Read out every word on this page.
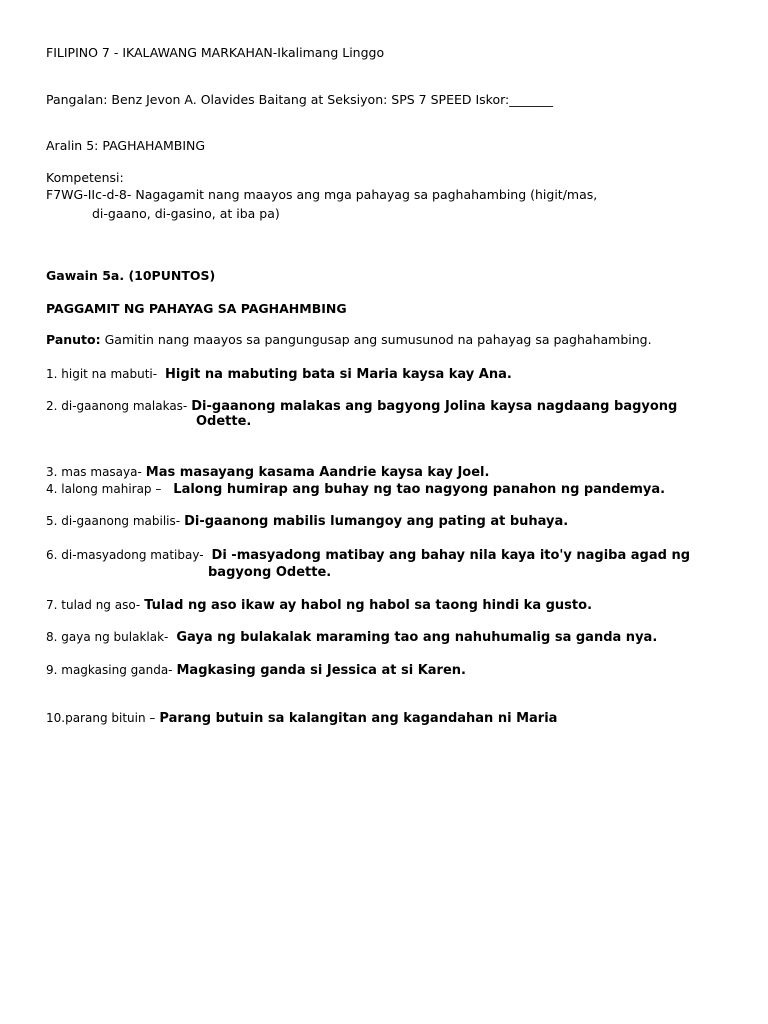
FILIPINO 7 - IKALAWANG MARKAHAN-Ikalimang Linggo
Pangalan: Benz Jevon A. Olavides Baitang at Seksiyon: SPS 7 SPEED Iskor:_______
Aralin 5: PAGHAHAMBING
Kompetensi:
F7WG-IIc-d-8- Nagagamit nang maayos ang mga pahayag sa paghahambing (higit/mas,
di-gaano, di-gasino, at iba pa)
Gawain 5a. (10PUNTOS)
PAGGAMIT NG PAHAYAG SA PAGHAHMBING
Panuto: Gamitin nang maayos sa pangungusap ang sumusunod na pahayag sa paghahambing.
1. higit na mabuti- Higit na mabuting bata si Maria kaysa kay Ana.
2. di-gaanong malakas- Di-gaanong malakas ang bagyong Jolina kaysa nagdaang bagyong
Odette.
3. mas masaya- Mas masayang kasama Aandrie kaysa kay Joel.
4. lalong mahirap – Lalong humirap ang buhay ng tao nagyong panahon ng pandemya.
5. di-gaanong mabilis- Di-gaanong mabilis lumangoy ang pating at buhaya.
6. di-masyadong matibay- Di -masyadong matibay ang bahay nila kaya ito'y nagiba agad ng
bagyong Odette.
7. tulad ng aso- Tulad ng aso ikaw ay habol ng habol sa taong hindi ka gusto.
8. gaya ng bulaklak- Gaya ng bulakalak maraming tao ang nahuhumalig sa ganda nya.
9. magkasing ganda- Magkasing ganda si Jessica at si Karen.
10.parang bituin – Parang butuin sa kalangitan ang kagandahan ni Maria
